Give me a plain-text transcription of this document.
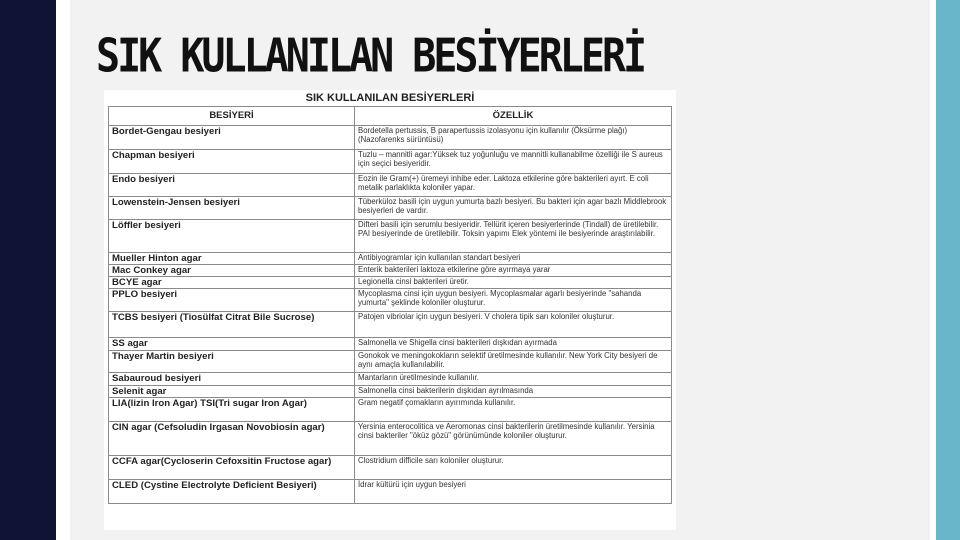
SIK KULLANILAN BESİYERLERİ
SIK KULLANILAN BESİYERLERİ
BESİYERİ	ÖZELLİK
Bordet-Gengau besiyeri	Bordetella pertussis, B parapertussis izolasyonu için kullanılır (Öksürme plağı) (Nazofarenks sürüntüsü)
Chapman besiyeri	Tuzlu – mannitli agar:Yüksek tuz yoğunluğu ve mannitli kullanabilme özelliği ile S aureus için seçici besiyeridir.
Endo besiyeri	Eozin ile Gram(+) üremeyi inhibe eder. Laktoza etkilerine göre bakterileri ayırt. E coli metalik parlaklıkta koloniler yapar.
Lowenstein-Jensen besiyeri	Tüberküloz basili için uygun yumurta bazlı besiyeri. Bu bakteri için agar bazlı Middlebrook besiyerleri de vardır.
Löffler besiyeri	Difteri basili için serumlu besiyeridir. Tellürit içeren besiyerlerinde (Tindall) de üretilebilir. PAI besiyerinde de üretilebilir. Toksin yapımı Elek yöntemi ile besiyerinde araştırılabilir.
Mueller Hinton agar	Antibiyogramlar için kullanılan standart besiyeri
Mac Conkey agar	Enterik bakterileri laktoza etkilerine göre ayırmaya yarar
BCYE agar	Legionella cinsi bakterileri üretir.
PPLO besiyeri	Mycoplasma cinsi için uygun besiyeri. Mycoplasmalar agarlı besiyerinde "sahanda yumurta" şeklinde koloniler oluşturur.
TCBS besiyeri (Tiosülfat Citrat Bile Sucrose)	Patojen vibriolar için uygun besiyeri. V cholera tipik sarı koloniler oluşturur.
SS agar	Salmonella ve Shigella cinsi bakterileri dışkıdan ayırmada
Thayer Martin besiyeri	Gonokok ve meningokokların selektif üretilmesinde kullanılır. New York City besiyeri de aynı amaçla kullanılabilir.
Sabauroud besiyeri	Mantarların üretilmesinde kullanılır.
Selenit agar	Salmonella cinsi bakterilerin dışkıdan ayrılmasında
LIA(lizin Iron Agar) TSI(Tri sugar Iron Agar)	Gram negatif çomakların ayırımında kullanılır.
CIN agar (Cefsoludin Irgasan Novobiosin agar)	Yersinia enterocolitica ve Aeromonas cinsi bakterilerin üretilmesinde kullanılır. Yersinia cinsi bakteriler "öküz gözü" görünümünde koloniler oluşturur.
CCFA agar(Cycloserin Cefoxsitin Fructose agar)	Clostridium difficile sarı koloniler oluşturur.
CLED (Cystine Electrolyte Deficient Besiyeri)	İdrar kültürü için uygun besiyeri
